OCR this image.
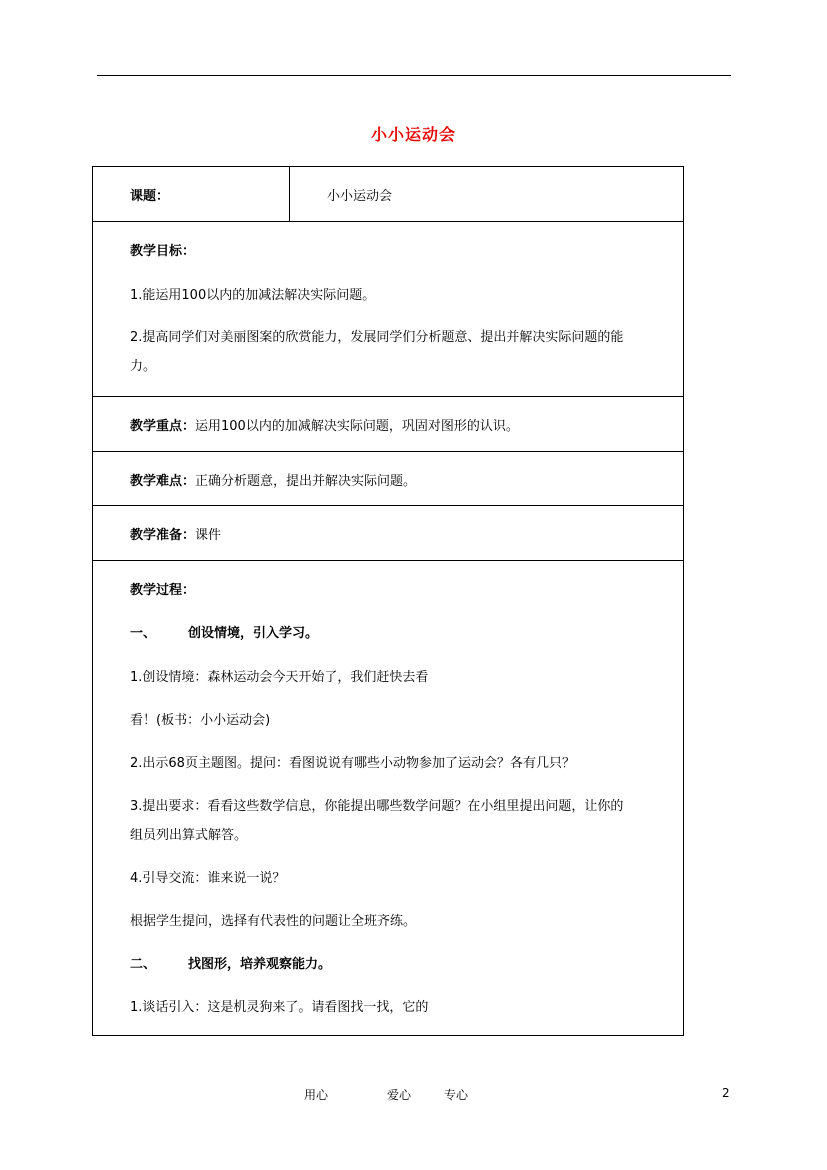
小小运动会
课题：	小小运动会
教学目标：
1.能运用100以内的加减法解决实际问题。
2.提高同学们对美丽图案的欣赏能力，发展同学们分析题意、提出并解决实际问题的能
力。
教学重点：运用100以内的加减解决实际问题，巩固对图形的认识。
教学难点：正确分析题意，提出并解决实际问题。
教学准备：课件
教学过程：
一、 创设情境，引入学习。
1.创设情境：森林运动会今天开始了，我们赶快去看
看！(板书：小小运动会)
2.出示68页主题图。提问：看图说说有哪些小动物参加了运动会？各有几只？
3.提出要求：看看这些数学信息，你能提出哪些数学问题？在小组里提出问题，让你的
组员列出算式解答。
4.引导交流：谁来说一说？
根据学生提问，选择有代表性的问题让全班齐练。
二、 找图形，培养观察能力。
1.谈话引入：这是机灵狗来了。请看图找一找，它的
用心	爱心	专心	2
